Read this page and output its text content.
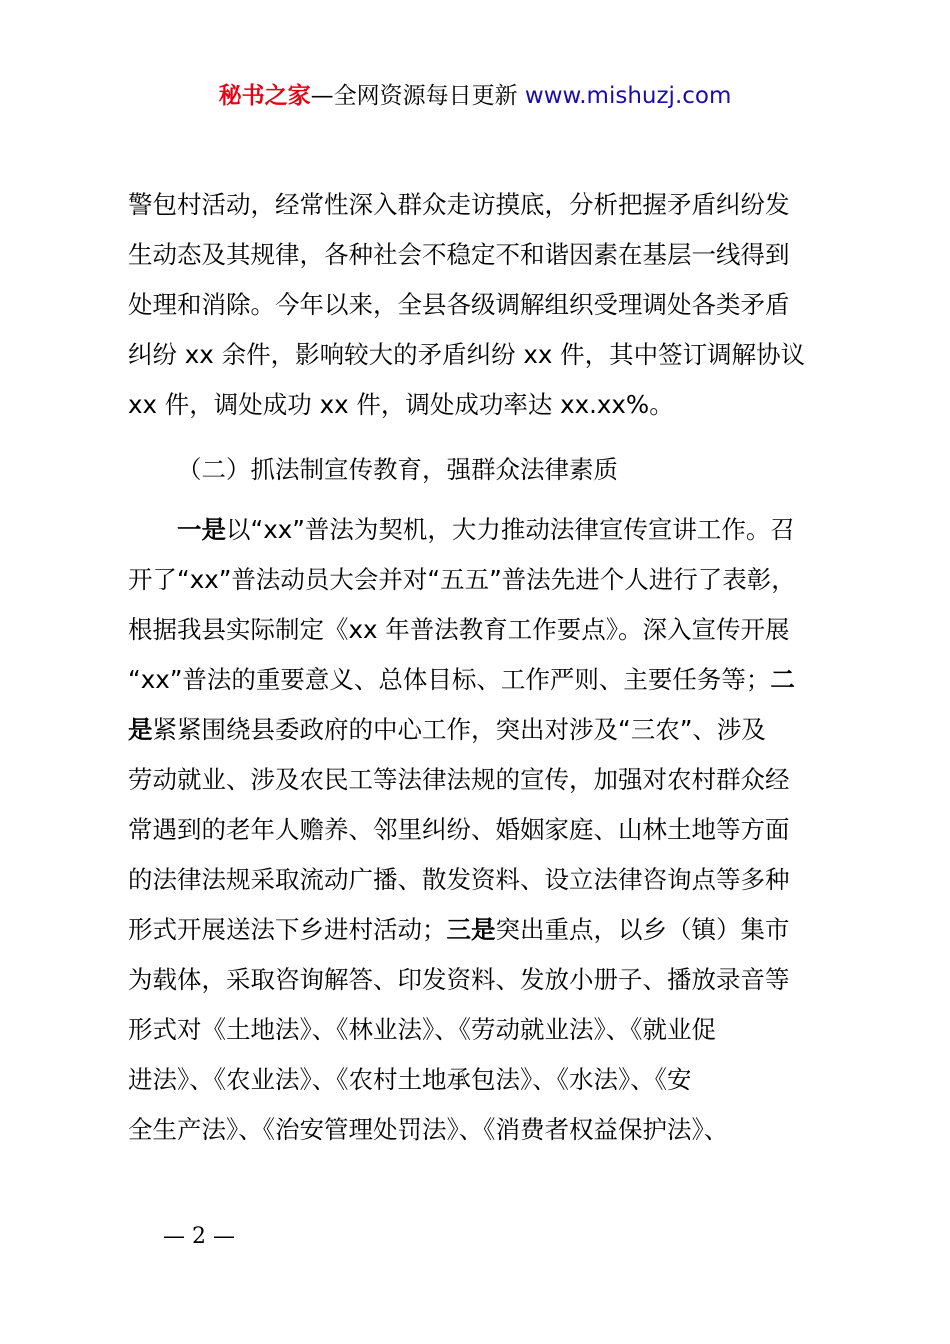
秘书之家—全网资源每日更新 www.mishuzj.com

警包村活动，经常性深入群众走访摸底，分析把握矛盾纠纷发
生动态及其规律，各种社会不稳定不和谐因素在基层一线得到
处理和消除。今年以来，全县各级调解组织受理调处各类矛盾
纠纷 xx 余件，影响较大的矛盾纠纷 xx 件，其中签订调解协议
xx 件，调处成功 xx 件，调处成功率达 xx.xx%。

（二）抓法制宣传教育，强群众法律素质

一是以“xx”普法为契机，大力推动法律宣传宣讲工作。召
开了“xx”普法动员大会并对“五五”普法先进个人进行了表彰，
根据我县实际制定《xx 年普法教育工作要点》。深入宣传开展
“xx”普法的重要意义、总体目标、工作严则、主要任务等；二
是紧紧围绕县委政府的中心工作，突出对涉及“三农”、涉及
劳动就业、涉及农民工等法律法规的宣传，加强对农村群众经
常遇到的老年人赡养、邻里纠纷、婚姻家庭、山林土地等方面
的法律法规采取流动广播、散发资料、设立法律咨询点等多种
形式开展送法下乡进村活动；三是突出重点，以乡（镇）集市
为载体，采取咨询解答、印发资料、发放小册子、播放录音等
形式对《土地法》、《林业法》、《劳动就业法》、《就业促
进法》、《农业法》、《农村土地承包法》、《水法》、《安
全生产法》、《治安管理处罚法》、《消费者权益保护法》、

— 2 —
